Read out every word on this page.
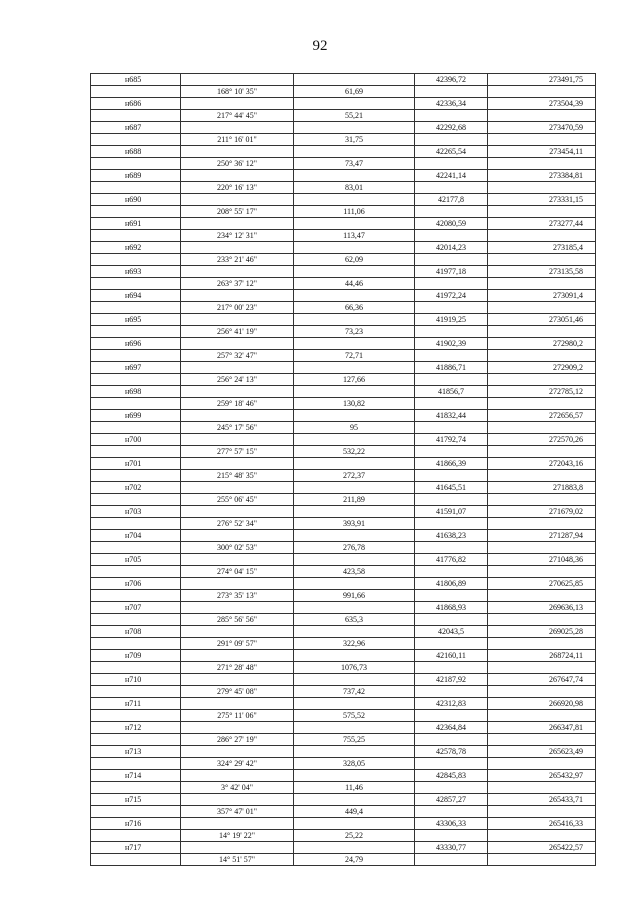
92
н685			42396,72	273491,75
	168° 10' 35"	61,69		
н686			42336,34	273504,39
	217° 44' 45"	55,21		
н687			42292,68	273470,59
	211° 16' 01"	31,75		
н688			42265,54	273454,11
	250° 36' 12"	73,47		
н689			42241,14	273384,81
	220° 16' 13"	83,01		
н690			42177,8	273331,15
	208° 55' 17"	111,06		
н691			42080,59	273277,44
	234° 12' 31"	113,47		
н692			42014,23	273185,4
	233° 21' 46"	62,09		
н693			41977,18	273135,58
	263° 37' 12"	44,46		
н694			41972,24	273091,4
	217° 00' 23"	66,36		
н695			41919,25	273051,46
	256° 41' 19"	73,23		
н696			41902,39	272980,2
	257° 32' 47"	72,71		
н697			41886,71	272909,2
	256° 24' 13"	127,66		
н698			41856,7	272785,12
	259° 18' 46"	130,82		
н699			41832,44	272656,57
	245° 17' 56"	95		
н700			41792,74	272570,26
	277° 57' 15"	532,22		
н701			41866,39	272043,16
	215° 48' 35"	272,37		
н702			41645,51	271883,8
	255° 06' 45"	211,89		
н703			41591,07	271679,02
	276° 52' 34"	393,91		
н704			41638,23	271287,94
	300° 02' 53"	276,78		
н705			41776,82	271048,36
	274° 04' 15"	423,58		
н706			41806,89	270625,85
	273° 35' 13"	991,66		
н707			41868,93	269636,13
	285° 56' 56"	635,3		
н708			42043,5	269025,28
	291° 09' 57"	322,96		
н709			42160,11	268724,11
	271° 28' 48"	1076,73		
н710			42187,92	267647,74
	279° 45' 08"	737,42		
н711			42312,83	266920,98
	275° 11' 06"	575,52		
н712			42364,84	266347,81
	286° 27' 19"	755,25		
н713			42578,78	265623,49
	324° 29' 42"	328,05		
н714			42845,83	265432,97
	3° 42' 04"	11,46		
н715			42857,27	265433,71
	357° 47' 01"	449,4		
н716			43306,33	265416,33
	14° 19' 22"	25,22		
н717			43330,77	265422,57
	14° 51' 57"	24,79		
